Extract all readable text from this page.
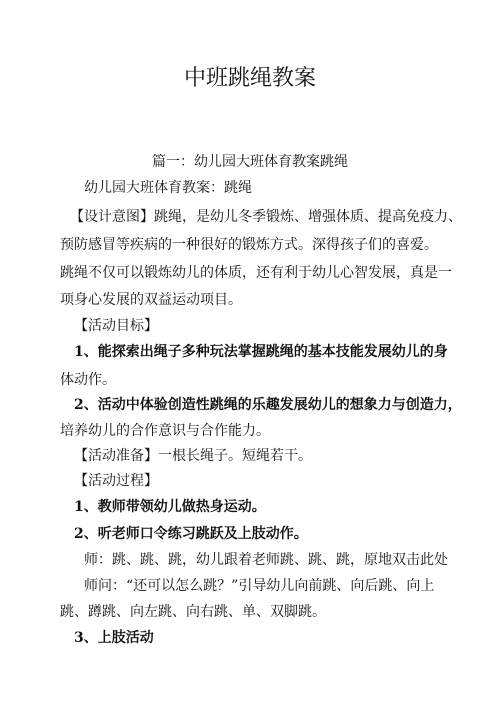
中班跳绳教案
篇一：幼儿园大班体育教案跳绳
幼儿园大班体育教案：跳绳
【设计意图】跳绳，是幼儿冬季锻炼、增强体质、提高免疫力、
预防感冒等疾病的一种很好的锻炼方式。深得孩子们的喜爱。
跳绳不仅可以锻炼幼儿的体质，还有利于幼儿心智发展，真是一
项身心发展的双益运动项目。
【活动目标】
1、能探索出绳子多种玩法掌握跳绳的基本技能发展幼儿的身
体动作。
2、活动中体验创造性跳绳的乐趣发展幼儿的想象力与创造力，
培养幼儿的合作意识与合作能力。
【活动准备】一根长绳子。短绳若干。
【活动过程】
1、教师带领幼儿做热身运动。
2、听老师口令练习跳跃及上肢动作。
师：跳、跳、跳，幼儿跟着老师跳、跳、跳，原地双击此处
师问：“还可以怎么跳？”引导幼儿向前跳、向后跳、向上
跳、蹲跳、向左跳、向右跳、单、双脚跳。
3、上肢活动
